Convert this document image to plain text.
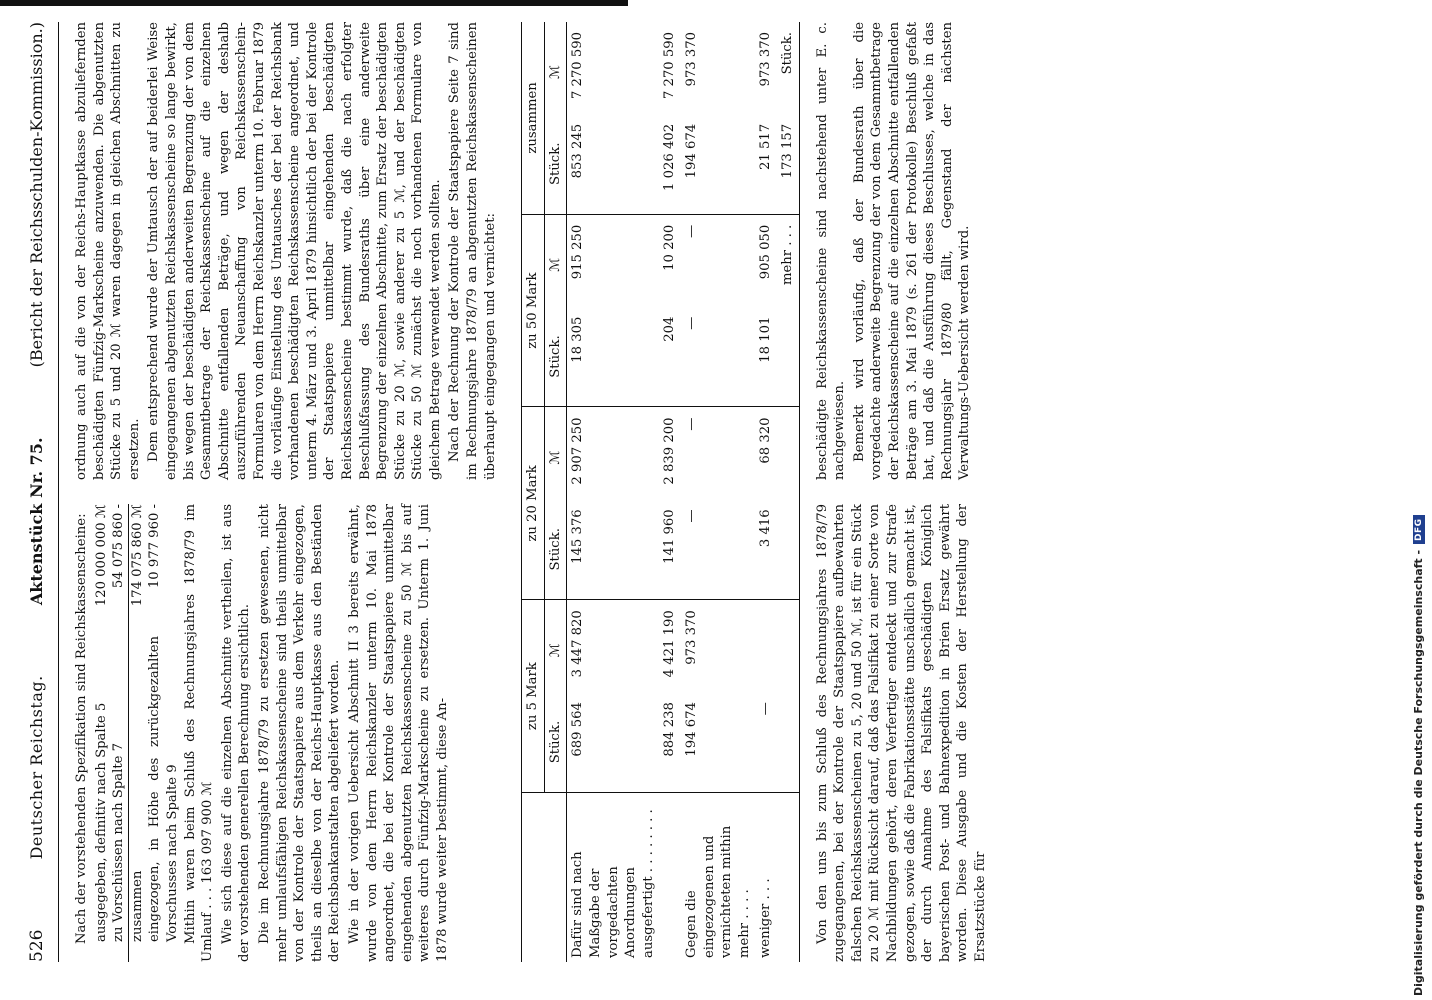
Digitalisierung gefördert durch die Deutsche Forschungsgemeinschaft -
DFG
526
Deutscher Reichstag.
Aktenstück Nr. 75.
(Bericht der Reichsschulden-Kommission.)

Nach der vorstehenden Spezifikation sind Reichskassenscheine: ausgegeben, definitiv nach Spalte 5
120 000 000 ℳ
zu Vorschüssen nach Spalte 7
54 075 860 -
zusammen
174 075 860 ℳ
eingezogen, in Höhe des zurückgezahlten Vorschusses nach Spalte 9
10 977 960 -	Mithin waren beim Schluß des Rechnungsjahres 1878/79 im Umlauf . . . 163 097 900 ℳ Wie sich diese auf die einzelnen Abschnitte vertheilen, ist aus der vorstehenden generellen Berechnung ersichtlich. Die im Rechnungsjahre 1878/79 zu ersetzen gewesenen, nicht mehr umlaufsfähigen Reichskassenscheine sind theils unmittelbar von der Kontrole der Staatspapiere aus dem Verkehr eingezogen, theils an dieselbe von der Reichs-Hauptkasse aus den Beständen der Reichsbankanstalten abgeliefert worden. Wie in der vorigen Uebersicht Abschnitt II 3 bereits erwähnt, wurde von dem Herrn Reichskanzler unterm 10. Mai 1878 angeordnet, die bei der Kontrole der Staatspapiere unmittelbar eingehenden abgenutzten Reichskassenscheine zu 50 ℳ bis auf weiteres durch Fünfzig-Markscheine zu ersetzen. Unterm 1. Juni 1878 wurde weiter bestimmt, diese An-

ordnung auch auf die von der Reichs-Hauptkasse abzuliefernden beschädigten Fünfzig-Markscheine anzuwenden. Die abgenutzten Stücke zu 5 und 20 ℳ waren dagegen in gleichen Abschnitten zu ersetzen. Dem entsprechend wurde der Umtausch der auf beiderlei Weise eingegangenen abgenutzten Reichskassenscheine so lange bewirkt, bis wegen der beschädigten anderweiten Begrenzung der von dem Gesammtbetrage der Reichskassenscheine auf die einzelnen Abschnitte entfallenden Beträge, und wegen der deshalb auszuführenden Neuanschaffung von Reichskassenschein-Formularen von dem Herrn Reichskanzler unterm 10. Februar 1879 die vorläufige Einstellung des Umtausches der bei der Reichsbank vorhandenen beschädigten Reichskassenscheine angeordnet, und unterm 4. März und 3. April 1879 hinsichtlich der bei der Kontrole der Staatspapiere unmittelbar eingehenden beschädigten Reichskassenscheine bestimmt wurde, daß die nach erfolgter Beschlußfassung des Bundesraths über eine anderweite Begrenzung der einzelnen Abschnitte, zum Ersatz der beschädigten Stücke zu 20 ℳ, sowie anderer zu 5 ℳ, und der beschädigten Stücke zu 50 ℳ zunächst die noch vorhandenen Formulare von gleichem Betrage verwendet werden sollten. Nach der Rechnung der Kontrole der Staatspapiere Seite 7 sind im Rechnungsjahre 1878/79 an abgenutzten Reichskassenscheinen überhaupt eingegangen und vernichtet:

zu 5 Mark
zu 20 Mark
zu 50 Mark
zusammen
Stück.
ℳ
Stück.
ℳ
Stück.
ℳ
Stück.
ℳ
Dafür sind nach Maßgabe der vorgedachten Anordnungen ausgefertigt . . . . . . . .
689 564
3 447 820
145 376
2 907 250
18 305
915 250
853 245
7 270 590
884 238
4 421 190
141 960
2 839 200
204
10 200
1 026 402
7 270 590
Gegen die eingezogenen und vernichteten mithin mehr . . . .
194 674
973 370
—
—
—
—
194 674
973 370
weniger . . .
—
3 416
68 320
18 101
905 050
21 517
973 370
mehr . . .
173 157
Stück.

Von den uns bis zum Schluß des Rechnungsjahres 1878/79 zugegangenen, bei der Kontrole der Staatspapiere aufbewahrten falschen Reichskassenscheinen zu 5, 20 und 50 ℳ, ist für ein Stück zu 20 ℳ mit Rücksicht darauf, daß das Falsifikat zu einer Sorte von Nachbildungen gehört, deren Verfertiger entdeckt und zur Strafe gezogen, sowie daß die Fabrikationsstätte unschädlich gemacht ist, der durch Annahme des Falsifikats geschädigten Königlich bayerischen Post- und Bahnexpedition in Brien Ersatz gewährt worden. Diese Ausgabe und die Kosten der Herstellung der Ersatzstücke für

beschädigte Reichskassenscheine sind nachstehend unter E. c. nachgewiesen. Bemerkt wird vorläufig, daß der Bundesrath über die vorgedachte anderweite Begrenzung der von dem Gesammtbetrage der Reichskassenscheine auf die einzelnen Abschnitte entfallenden Beträge am 3. Mai 1879 (s. 261 der Protokolle) Beschluß gefaßt hat, und daß die Ausführung dieses Beschlusses, welche in das Rechnungsjahr 1879/80 fällt, Gegenstand der nächsten Verwaltungs-Uebersicht werden wird.
